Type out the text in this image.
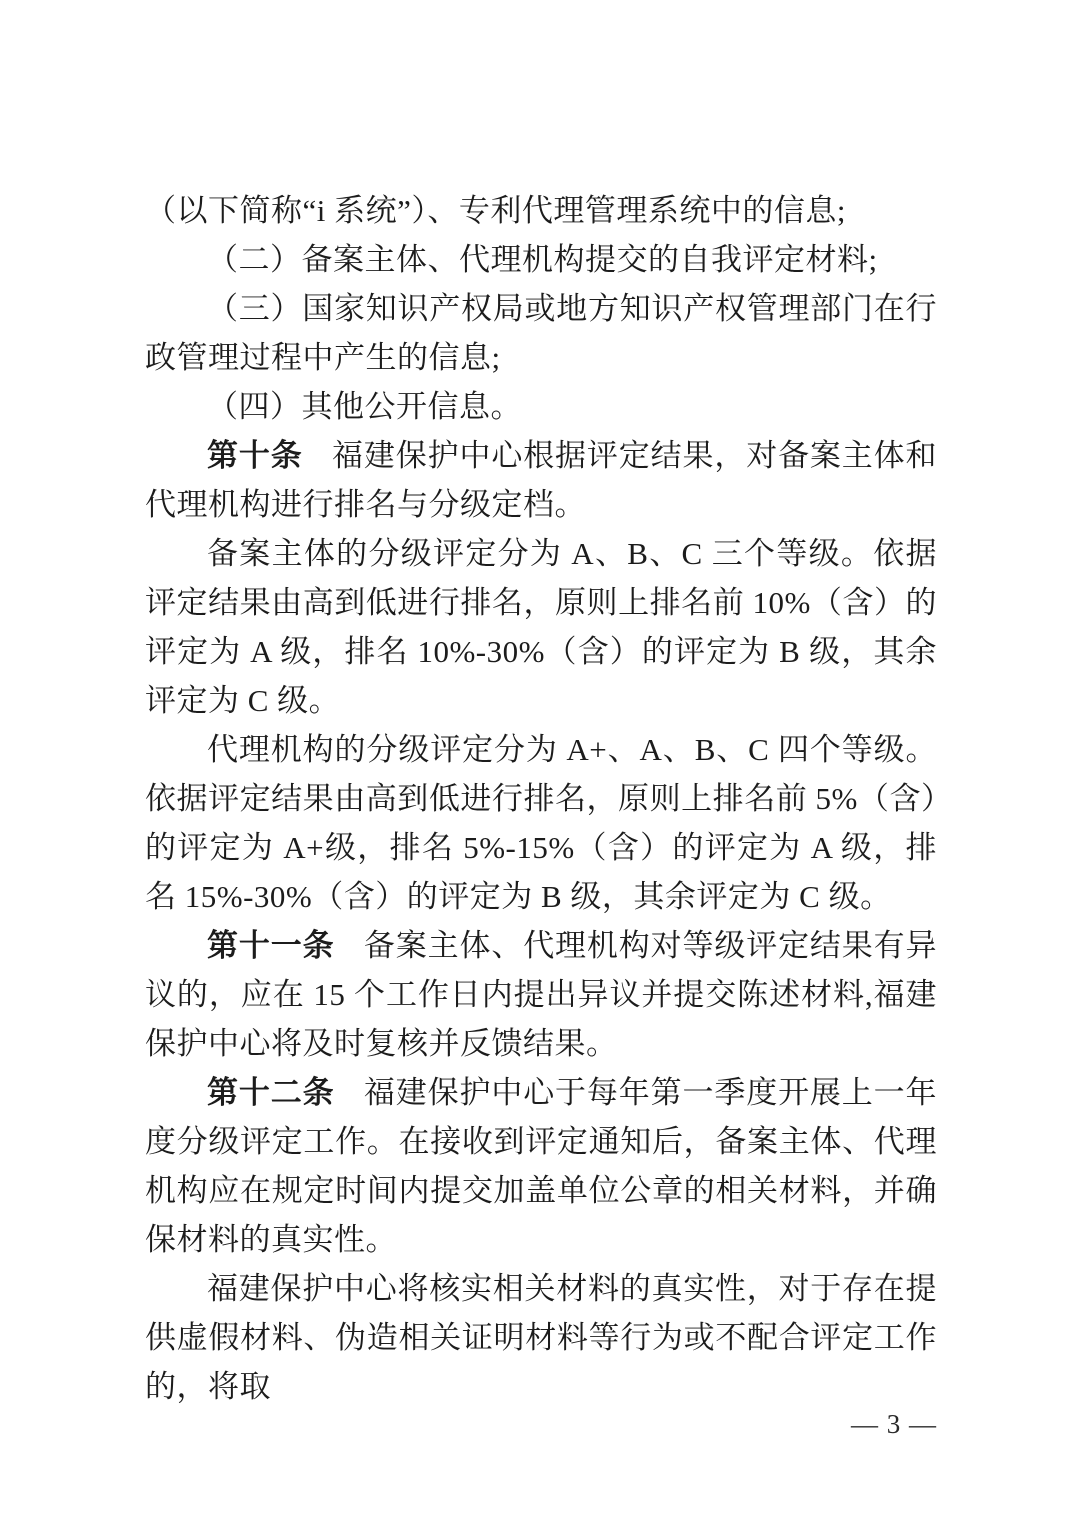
（以下简称“i 系统”）、专利代理管理系统中的信息;

（二）备案主体、代理机构提交的自我评定材料;

（三）国家知识产权局或地方知识产权管理部门在行政管理过程中产生的信息;

（四）其他公开信息。

第十条 福建保护中心根据评定结果，对备案主体和代理机构进行排名与分级定档。

备案主体的分级评定分为 A、B、C 三个等级。依据评定结果由高到低进行排名，原则上排名前 10%（含）的评定为 A 级，排名 10%-30%（含）的评定为 B 级，其余评定为 C 级。

代理机构的分级评定分为 A+、A、B、C 四个等级。依据评定结果由高到低进行排名，原则上排名前 5%（含）的评定为 A+级，排名 5%-15%（含）的评定为 A 级，排名 15%-30%（含）的评定为 B 级，其余评定为 C 级。

第十一条 备案主体、代理机构对等级评定结果有异议的，应在 15 个工作日内提出异议并提交陈述材料,福建保护中心将及时复核并反馈结果。

第十二条 福建保护中心于每年第一季度开展上一年度分级评定工作。在接收到评定通知后，备案主体、代理机构应在规定时间内提交加盖单位公章的相关材料，并确保材料的真实性。

福建保护中心将核实相关材料的真实性，对于存在提供虚假材料、伪造相关证明材料等行为或不配合评定工作的，将取

— 3 —
